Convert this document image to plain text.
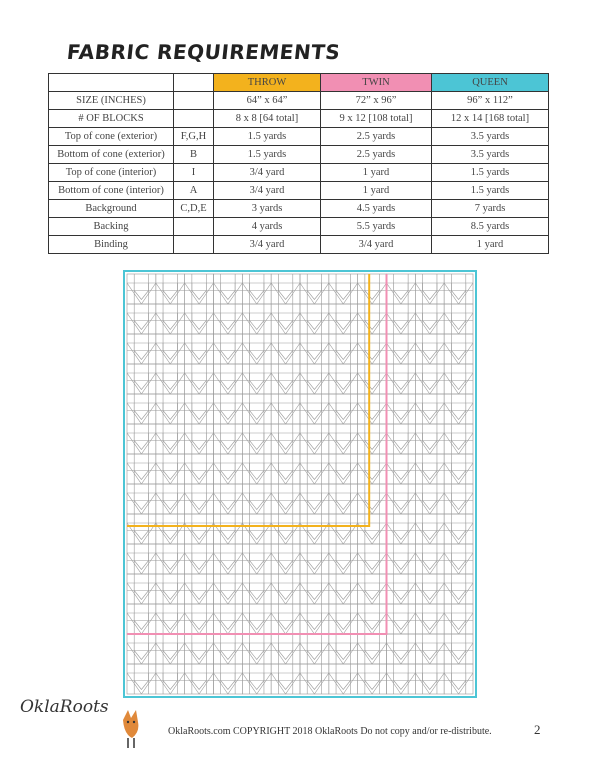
FABRIC REQUIREMENTS
		THROW	TWIN	QUEEN
SIZE (INCHES)		64” x 64”	72” x 96”	96” x 112”
# OF BLOCKS		8 x 8 [64 total]	9 x 12 [108 total]	12 x 14 [168 total]
Top of cone (exterior)	F,G,H	1.5 yards	2.5 yards	3.5 yards
Bottom of cone (exterior)	B	1.5 yards	2.5 yards	3.5 yards
Top of cone (interior)	I	3/4 yard	1 yard	1.5 yards
Bottom of cone (interior)	A	3/4 yard	1 yard	1.5 yards
Background	C,D,E	3 yards	4.5 yards	7 yards
Backing		4 yards	5.5 yards	8.5 yards
Binding		3/4 yard	3/4 yard	1 yard
OklaRoots
OklaRoots.com COPYRIGHT 2018 OklaRoots Do not copy and/or re-distribute.	2
